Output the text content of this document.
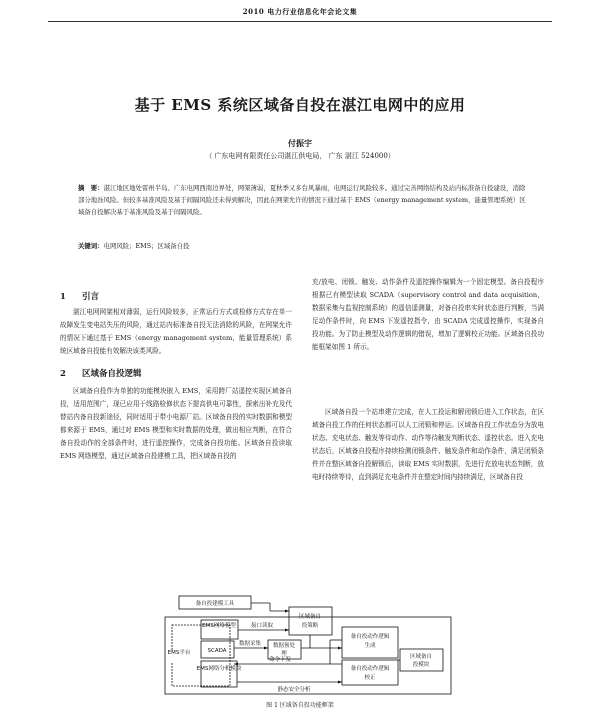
2010 电力行业信息化年会论文集
基于 EMS 系统区域备自投在湛江电网中的应用
付振宇
（ 广东电网有限责任公司湛江供电局， 广东 湛江 524000）
摘　要：湛江地区地处雷州半岛、广东电网西南边界处，网架薄弱，夏秋季又多台风暴雨，电网运行风险较多。通过完善网络结构及站内标准备自投建设，消除部分地泺风险。但较多基准风险及基于间隔风险还未得到解决，因此在网架允许的情况下通过基于 EMS（energy management system，能量管理系统）区域备自投解决基于基准风险及基于间隔风险。
关键词：电网风险；EMS；区域备自投
1 引言

湛江电网网架相对薄弱，运行风险较多，正常运行方式或检修方式存在单一故障发生变电站失压的风险，通过站内标准备自投无法消除的风险，在网架允许的情况下通过基于 EMS（energy management system，能量管理系统）系统区域备自投能有效解决该类风险。

2 区域备自投逻辑

区域备自投作为单独的功能模块嵌入 EMS，采用跨厂站遥控实现区域备自投，适用范围广，现已应用于线路检修状态下提高供电可靠性，探索出补充及代替站内备自投新途径，同时适用于带小电源厂站。区域备自投的实时数据和模型都来源于 EMS，通过对 EMS 模型和实时数据的处理，做出相应判断，在符合备自投动作的全部条件时，进行遥控操作，完成备自投功能。区域备自投读取 EMS 网络模型，通过区域备自投建模工具，把区域备自投的

充/放电、闭锁、触发、动作条件及遥控操作编辑为一个固定模型。备自投程序根据已有模型读取 SCADA（supervisory control and data acquisition，数据采集与监视控制系统）的遥信遥测量，对备自投串实时状态进行判断，当满足动作条件时，向 EMS 下发遥控指令，由 SCADA 完成遥控操作，实现备自投功能。为了防止模型及动作逻辑的错误，增加了逻辑校正功能。区域备自投功能框架如图 1 所示。

区域备自投一个站串建立完成，在人工投运和解闭锁后进入工作状态，在区域备自投工作的任何状态都可以人工闭锁和停运。区域备自投工作状态分为放电状态、充电状态、触发等待动作、动作等待触发判断状态、遥控状态。进入充电状态后，区域备自投程序持续检测闭锁条件、触发条件和动作条件，满足闭锁条件并在整区域备自投解锁后，读取 EMS 实时数据，先进行充放电状态判断，放电时持续等待，直到满足充电条件并在整定时间内持续满足，区域备自投

备自投建模工具
EMS平台
EMS网络模型
SCADA
EMS网络分析模块
区域备自
投策略
接口读取
数据采集 数据预处
理
备自投动作逻辑
生成
备自投动作逻辑
校正
区域备自
投模块
命令下发
静态安全分析
图 1 区域备自投功能框架
